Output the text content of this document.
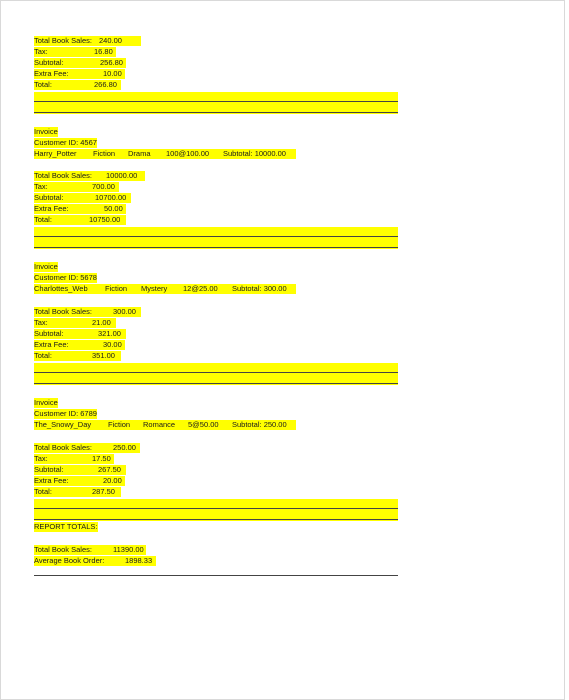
Total Book Sales: 240.00
Tax:	16.80
Subtotal:	256.80
Extra Fee:	10.00
Total:	266.80
Invoice
Customer ID: 4567
Harry_Potter Fiction Drama 100@100.00 Subtotal: 10000.00
Total Book Sales: 10000.00
Tax:	700.00
Subtotal:	10700.00
Extra Fee:	50.00
Total:	10750.00
Invoice
Customer ID: 5678
Charlottes_Web Fiction Mystery 12@25.00 Subtotal: 300.00
Total Book Sales:	300.00
Tax:	21.00
Subtotal:	321.00
Extra Fee:	30.00
Total:	351.00
Invoice
Customer ID: 6789
The_Snowy_Day Fiction Romance 5@50.00 Subtotal: 250.00
Total Book Sales:	250.00
Tax:	17.50
Subtotal:	267.50
Extra Fee:	20.00
Total:	287.50
REPORT TOTALS:
Total Book Sales:	11390.00
Average Book Order:	1898.33
